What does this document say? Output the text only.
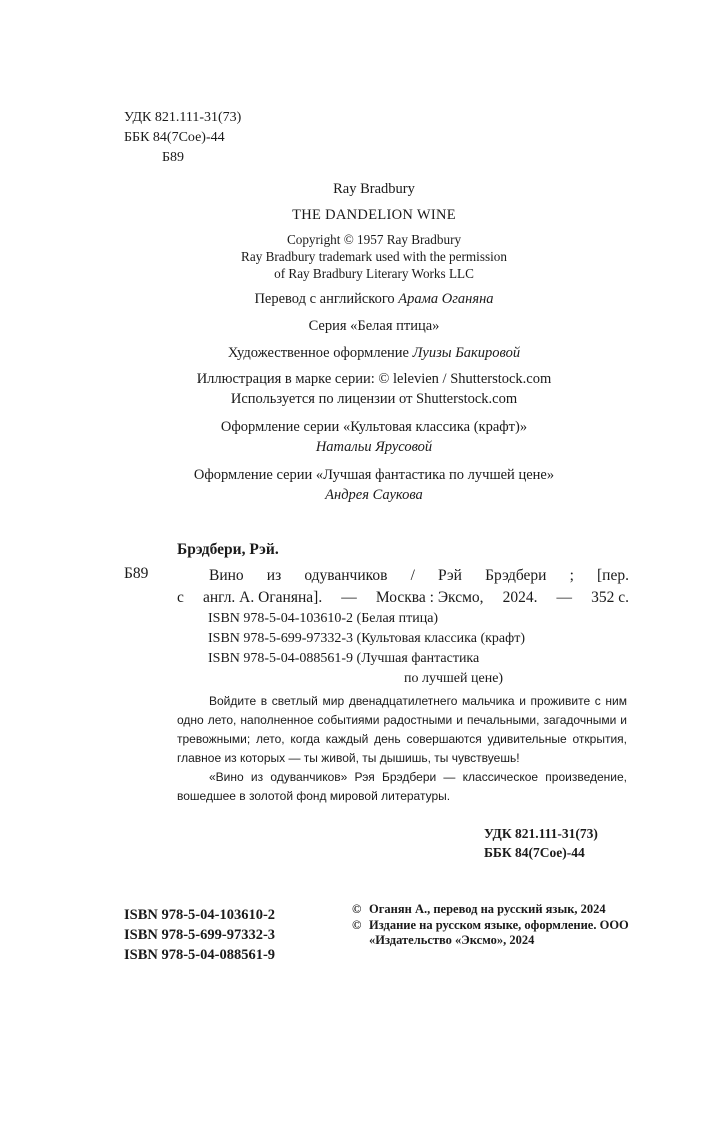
УДК 821.111-31(73)
ББК 84(7Сое)-44
Б89
Ray Bradbury
THE DANDELION WINE
Copyright © 1957 Ray Bradbury
Ray Bradbury trademark used with the permission
of Ray Bradbury Literary Works LLC
Перевод с английского Арама Оганяна
Серия «Белая птица»
Художественное оформление Луизы Бакировой
Иллюстрация в марке серии: © lelevien / Shutterstock.com
Используется по лицензии от Shutterstock.com
Оформление серии «Культовая классика (крафт)»
Натальи Ярусовой
Оформление серии «Лучшая фантастика по лучшей цене»
Андрея Саукова
Брэдбери, Рэй.
Б89	Вино из одуванчиков / Рэй Брэдбери ; [пер.
с англ. А. Оганяна]. — Москва : Эксмо, 2024. — 352 с.
ISBN 978-5-04-103610-2 (Белая птица)
ISBN 978-5-699-97332-3 (Культовая классика (крафт)
ISBN 978-5-04-088561-9 (Лучшая фантастика
по лучшей цене)

Войдите в светлый мир двенадцатилетнего мальчика и проживите с ним одно лето, наполненное событиями радостными и печальными, загадочными и тревожными; лето, когда каждый день совершаются удивительные открытия, главное из которых — ты живой, ты дышишь, ты чувствуешь!

«Вино из одуванчиков» Рэя Брэдбери — классическое произведение, вошедшее в золотой фонд мировой литературы.

УДК 821.111-31(73)
ББК 84(7Сое)-44
ISBN 978-5-04-103610-2
ISBN 978-5-699-97332-3
ISBN 978-5-04-088561-9
© Оганян А., перевод на русский язык, 2024
© Издание на русском языке, оформление. ООО «Издательство «Эксмо», 2024
